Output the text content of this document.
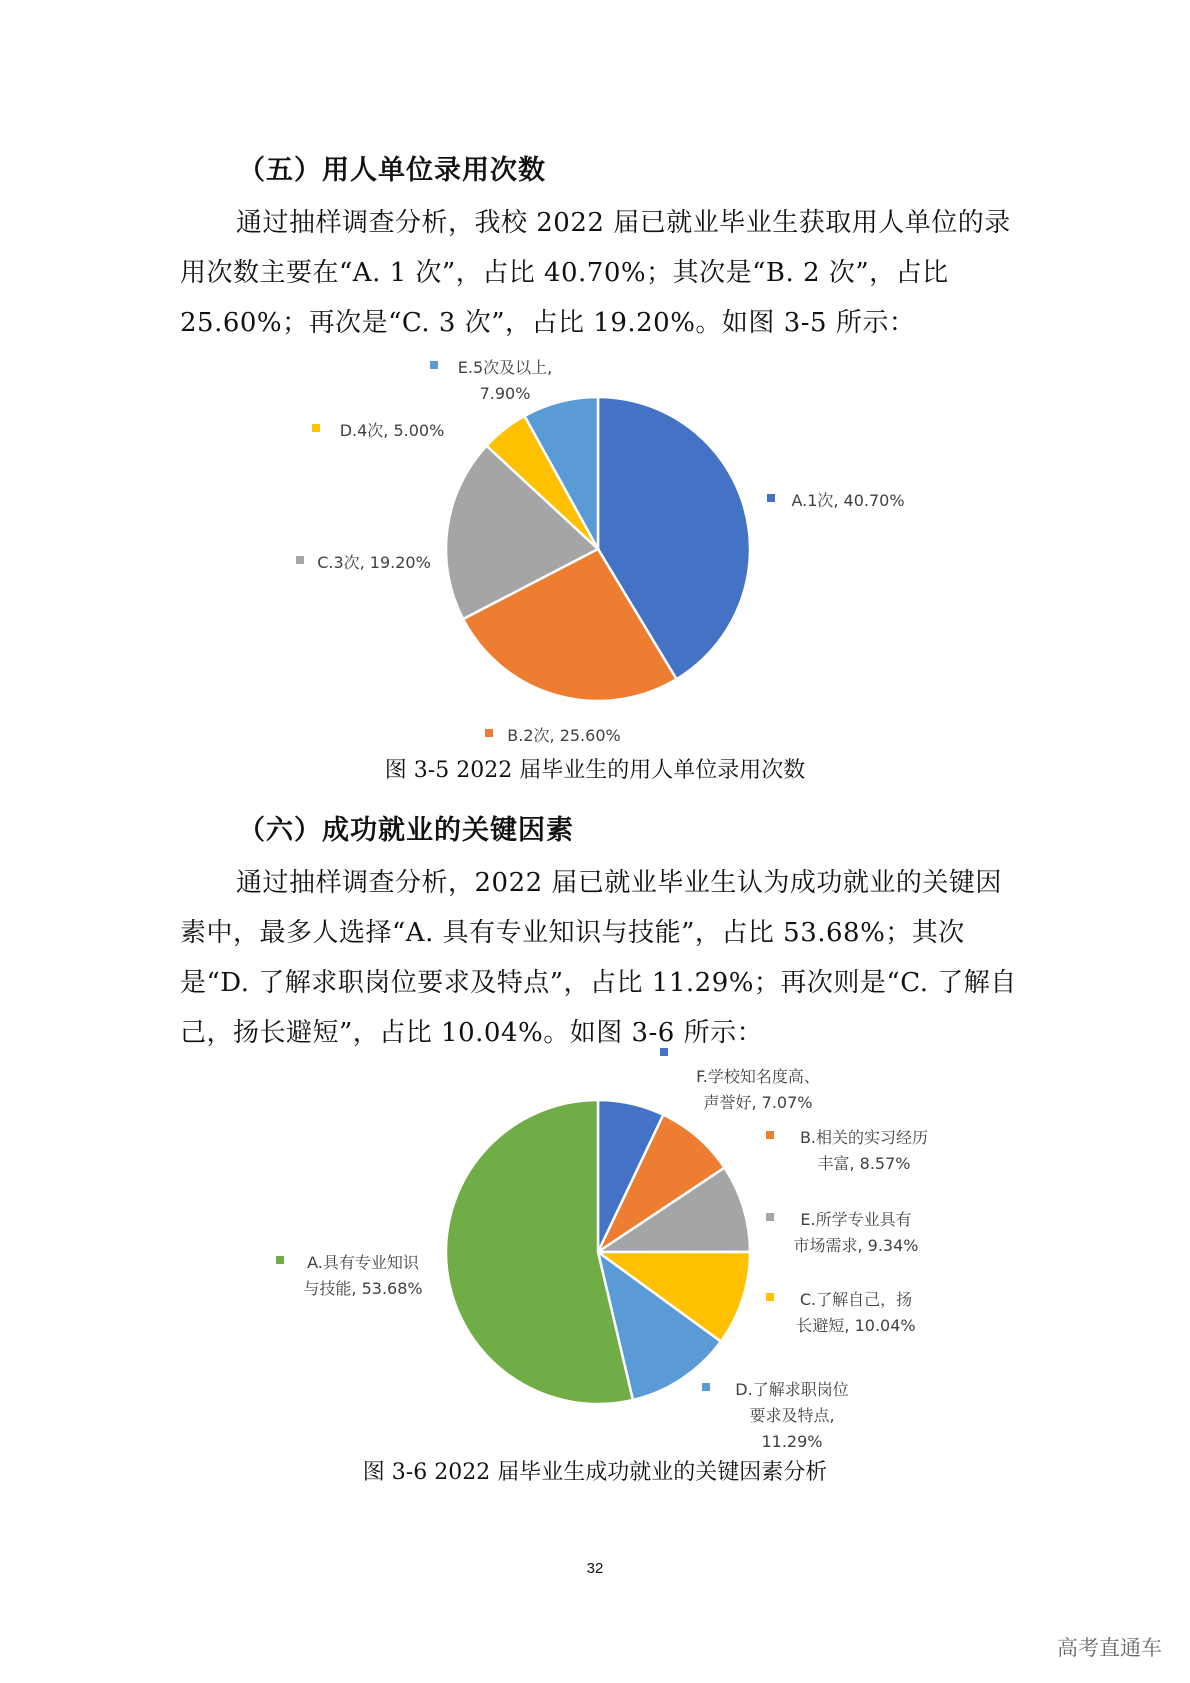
（五）用人单位录用次数
通过抽样调查分析，我校 2022 届已就业毕业生获取用人单位的录用次数主要在“A. 1 次”，占比 40.70%；其次是“B. 2 次”，占比 25.60%；再次是“C. 3 次”，占比 19.20%。如图 3-5 所示：
A.1次, 40.70%
B.2次, 25.60%
C.3次, 19.20%
D.4次, 5.00%
E.5次及以上,
7.90%
图 3-5 2022 届毕业生的用人单位录用次数
（六）成功就业的关键因素
通过抽样调查分析，2022 届已就业毕业生认为成功就业的关键因素中，最多人选择“A. 具有专业知识与技能”，占比 53.68%；其次是“D. 了解求职岗位要求及特点”，占比 11.29%；再次则是“C. 了解自己，扬长避短”，占比 10.04%。如图 3-6 所示：
F.学校知名度高、
声誉好, 7.07%
B.相关的实习经历
丰富, 8.57%
E.所学专业具有
市场需求, 9.34%
C.了解自己，扬
长避短, 10.04%
D.了解求职岗位
要求及特点,
11.29%
A.具有专业知识
与技能, 53.68%
图 3-6 2022 届毕业生成功就业的关键因素分析
32
高考直通车
